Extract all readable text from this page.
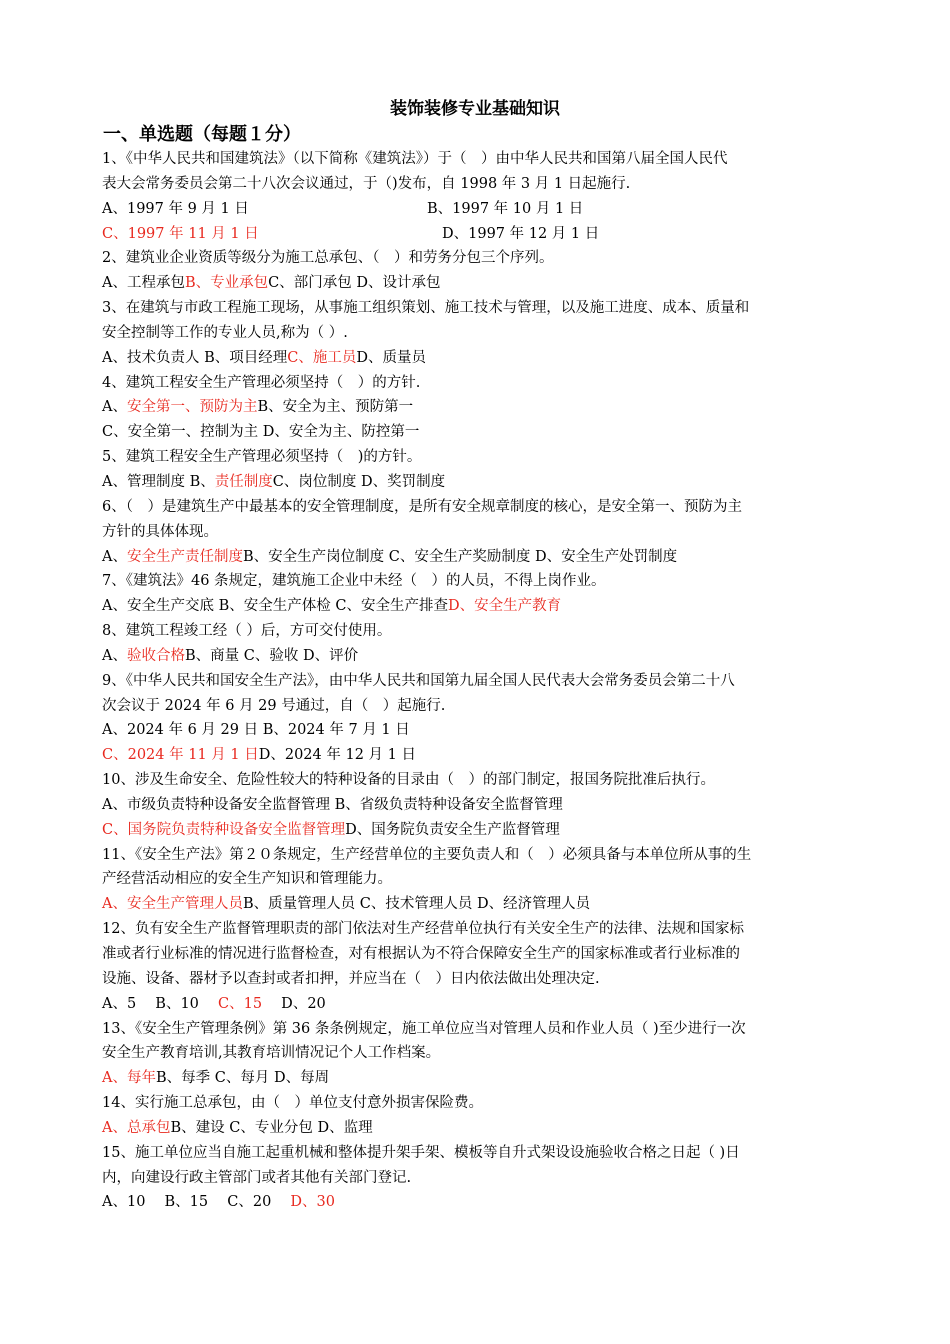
装饰装修专业基础知识
一、单选题（每题１分）
1、《中华人民共和国建筑法》（以下简称《建筑法》）于（　）由中华人民共和国第八届全国人民代
表大会常务委员会第二十八次会议通过，于（)发布，自 1998 年 3 月 1 日起施行.
A、1997 年 9 月 1 日	B、1997 年 10 月 1 日
C、1997 年 11 月 1 日	D、1997 年 12 月 1 日
2、建筑业企业资质等级分为施工总承包、（　）和劳务分包三个序列。
A、工程承包B、专业承包C、部门承包 D、设计承包
3、在建筑与市政工程施工现场，从事施工组织策划、施工技术与管理，以及施工进度、成本、质量和
安全控制等工作的专业人员,称为（ ）.
A、技术负责人 B、项目经理C、施工员D、质量员
4、建筑工程安全生产管理必须坚持（　）的方针.
A、安全第一、预防为主B、安全为主、预防第一
C、安全第一、控制为主 D、安全为主、防控第一
5、建筑工程安全生产管理必须坚持（　)的方针。
A、管理制度 B、责任制度C、岗位制度 D、奖罚制度
6、（　）是建筑生产中最基本的安全管理制度，是所有安全规章制度的核心，是安全第一、预防为主
方针的具体体现。
A、安全生产责任制度B、安全生产岗位制度 C、安全生产奖励制度 D、安全生产处罚制度
7、《建筑法》46 条规定，建筑施工企业中未经（　）的人员，不得上岗作业。
A、安全生产交底 B、安全生产体检 C、安全生产排查D、安全生产教育
8、建筑工程竣工经（ ）后，方可交付使用。
A、验收合格B、商量 C、验收 D、评价
9、《中华人民共和国安全生产法》，由中华人民共和国第九届全国人民代表大会常务委员会第二十八
次会议于 2024 年 6 月 29 号通过，自（　）起施行.
A、2024 年 6 月 29 日 B、2024 年 7 月 1 日
C、2024 年 11 月 1 日D、2024 年 12 月 1 日
10、涉及生命安全、危险性较大的特种设备的目录由（　）的部门制定，报国务院批准后执行。
A、市级负责特种设备安全监督管理 B、省级负责特种设备安全监督管理
C、国务院负责特种设备安全监督管理D、国务院负责安全生产监督管理
11、《安全生产法》第２０条规定，生产经营单位的主要负责人和（　）必须具备与本单位所从事的生
产经营活动相应的安全生产知识和管理能力。
A、安全生产管理人员B、质量管理人员 C、技术管理人员 D、经济管理人员
12、负有安全生产监督管理职责的部门依法对生产经营单位执行有关安全生产的法律、法规和国家标
准或者行业标准的情况进行监督检查，对有根据认为不符合保障安全生产的国家标准或者行业标准的
设施、设备、器材予以查封或者扣押，并应当在（　）日内依法做出处理决定.
A、5　 B、10　 C、15　 D、20
13、《安全生产管理条例》第 36 条条例规定，施工单位应当对管理人员和作业人员（ )至少进行一次
安全生产教育培训,其教育培训情况记个人工作档案。
A、每年B、每季 C、每月 D、每周
14、实行施工总承包，由（　）单位支付意外损害保险费。
A、总承包B、建设 C、专业分包 D、监理
15、施工单位应当自施工起重机械和整体提升架手架、模板等自升式架设设施验收合格之日起（ )日
内，向建设行政主管部门或者其他有关部门登记.
A、10　 B、15　 C、20　 D、30
